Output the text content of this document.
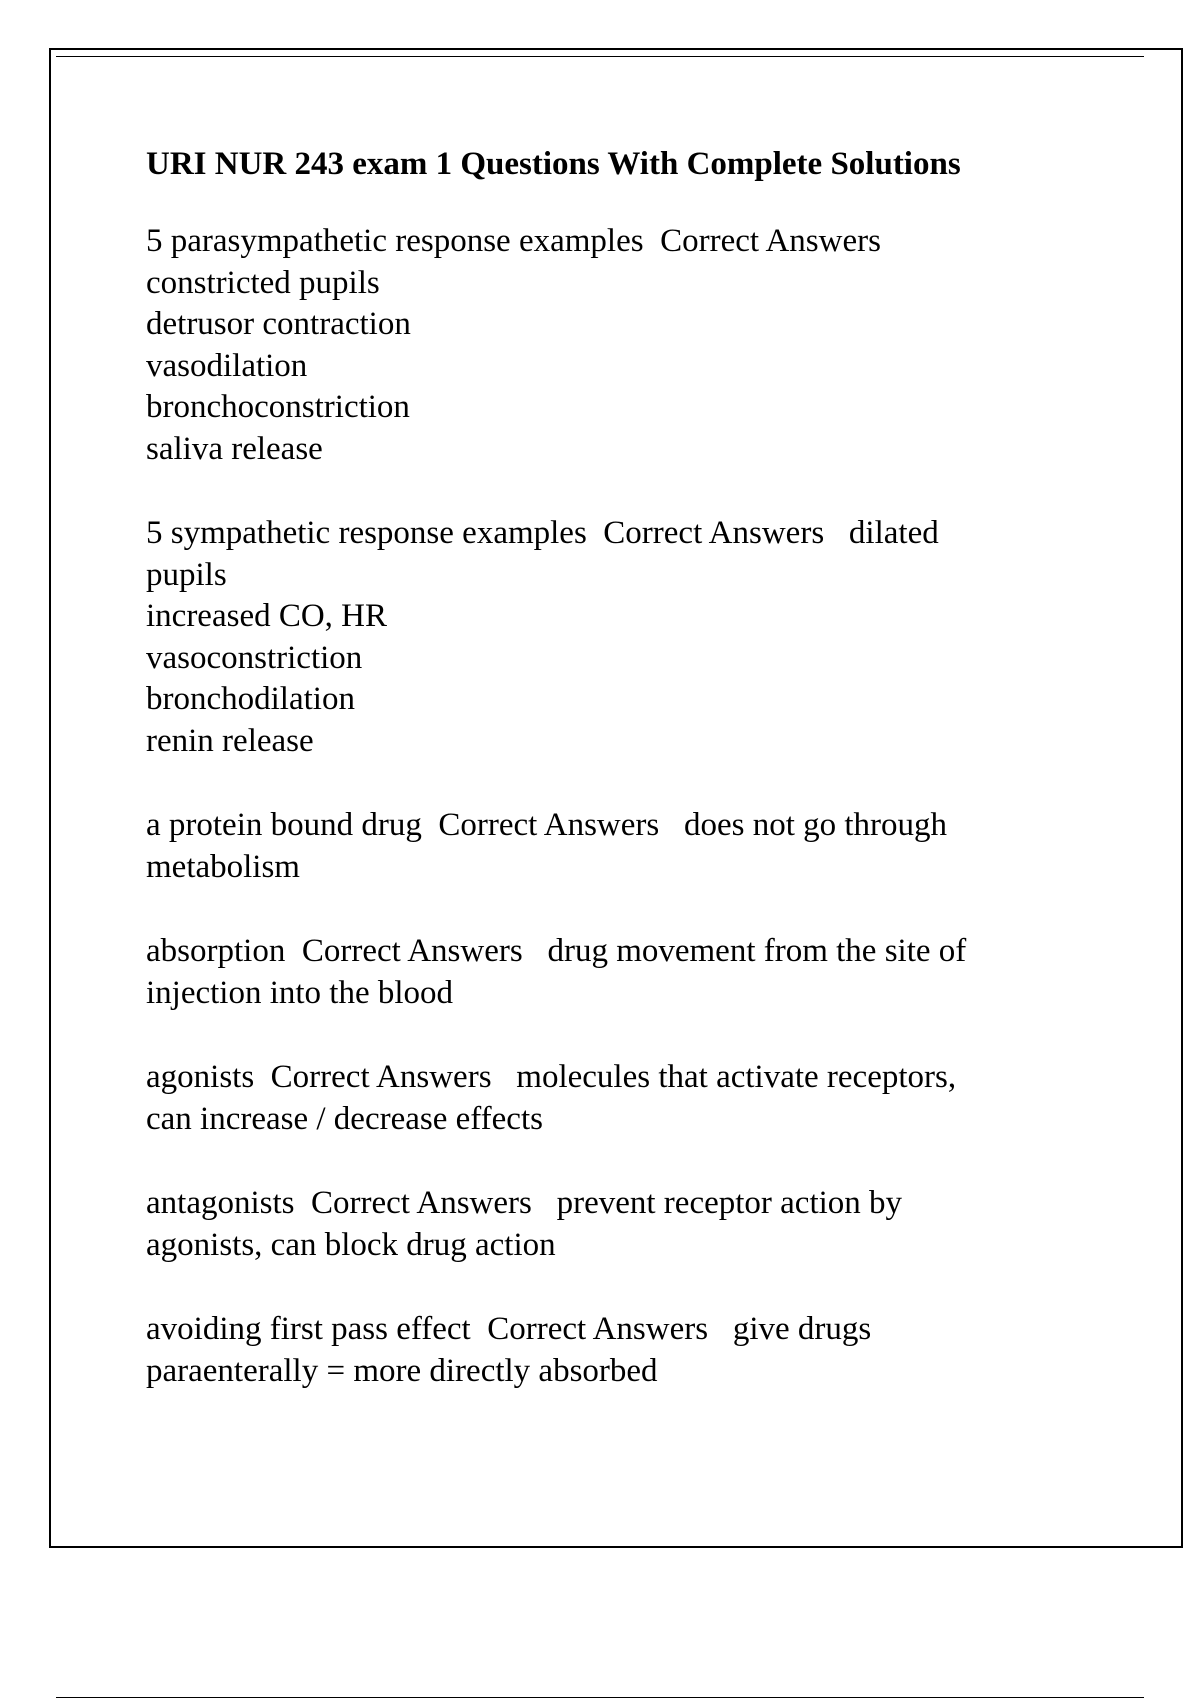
URI NUR 243 exam 1 Questions With Complete Solutions
5 parasympathetic response examples Correct Answers
constricted pupils
detrusor contraction
vasodilation
bronchoconstriction
saliva release
5 sympathetic response examples Correct Answers dilated
pupils
increased CO, HR
vasoconstriction
bronchodilation
renin release
a protein bound drug Correct Answers does not go through
metabolism
absorption Correct Answers drug movement from the site of
injection into the blood
agonists Correct Answers molecules that activate receptors,
can increase / decrease effects
antagonists Correct Answers prevent receptor action by
agonists, can block drug action
avoiding first pass effect Correct Answers give drugs
paraenterally = more directly absorbed
